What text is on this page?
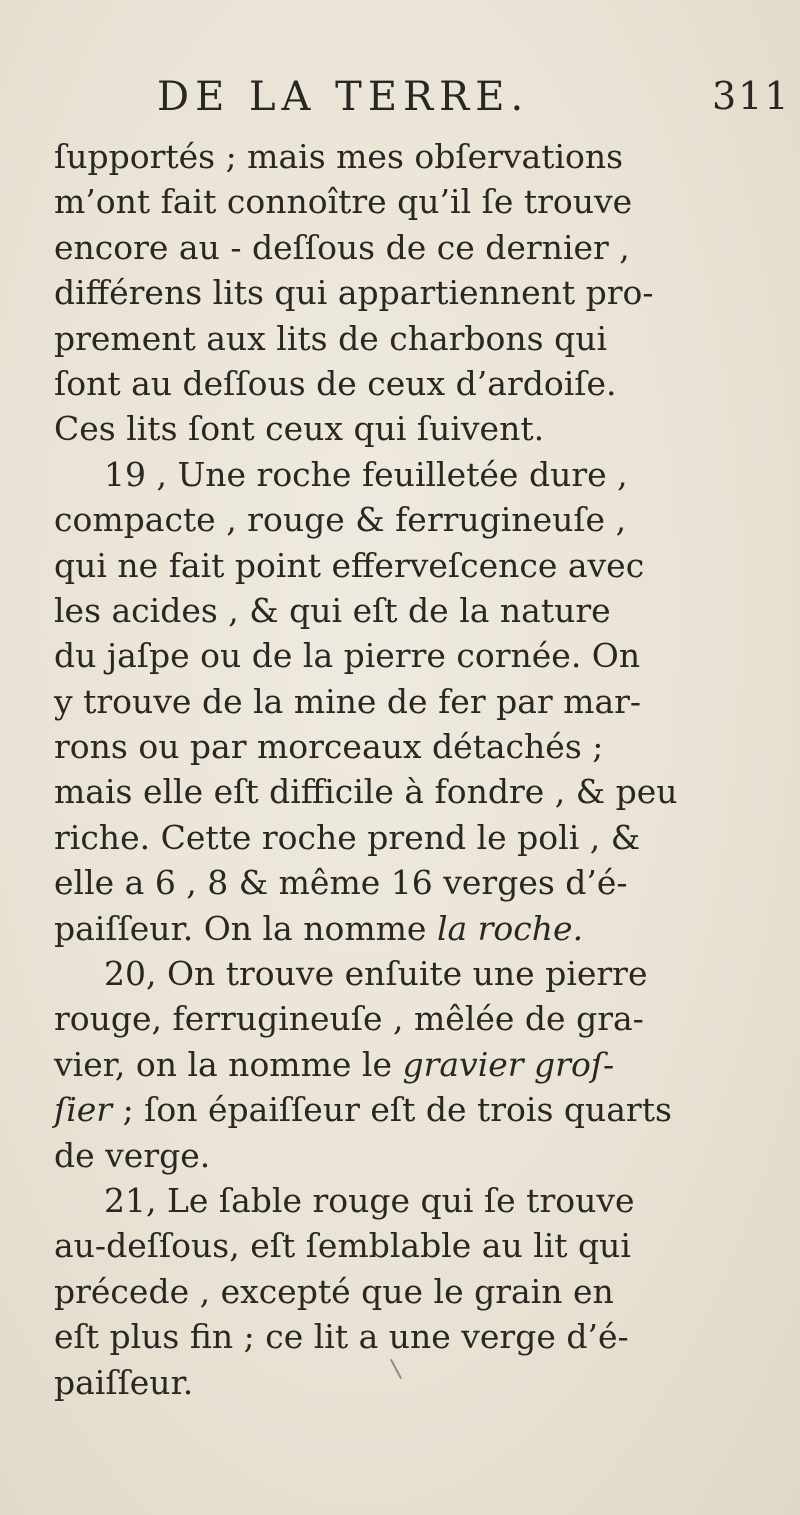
DE LA TERRE.	311
ſupportés ; mais mes obſervations
m’ont fait connoître qu’il ſe trouve
encore au - deſſous de ce dernier ,
différens lits qui appartiennent pro-
prement aux lits de charbons qui
ſont au deſſous de ceux d’ardoiſe.
Ces lits ſont ceux qui ſuivent.
19 , Une roche feuilletée dure ,
compacte , rouge & ferrugineuſe ,
qui ne fait point efferveſcence avec
les acides , & qui eſt de la nature
du jaſpe ou de la pierre cornée. On
y trouve de la mine de fer par mar-
rons ou par morceaux détachés ;
mais elle eſt difficile à fondre , & peu
riche. Cette roche prend le poli , &
elle a 6 , 8 & même 16 verges d’é-
paiſſeur. On la nomme la roche.
20, On trouve enſuite une pierre
rouge, ferrugineuſe , mêlée de gra-
vier, on la nomme le gravier groſ-
ſier ; ſon épaiſſeur eſt de trois quarts
de verge.
21, Le ſable rouge qui ſe trouve
au-deſſous, eſt ſemblable au lit qui
précede , excepté que le grain en
eſt plus fin ; ce lit a une verge d’é-
paiſſeur.
